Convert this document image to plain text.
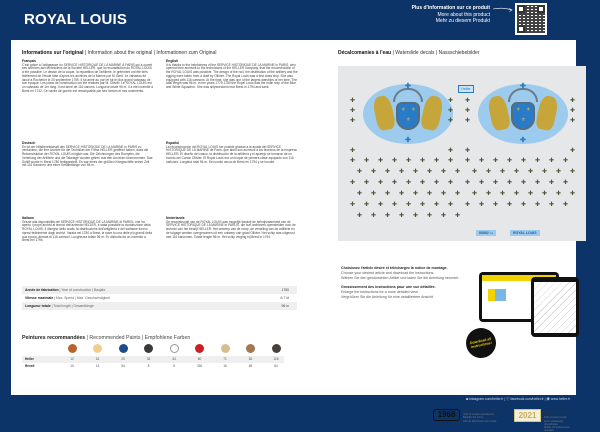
ROYAL LOUIS
Plus d'information sur ce produit
More about this product
Mehr zu diesem Produkt
Informations sur l'original | Information about the original | Informationen zum Original
Français
C'est grâce à l'obligeance du SERVICE HISTORIQUE DE LA MARINE À PARIS qui a ouvert ses archives aux techniciens de la Société HELLER, que la reconstitution du ROYAL LOUIS a été possible. Le dessin de la coque, la répartition de l'artillerie, le gréement ont été tirés fidèlement de l'étude faite d'après les archives de la Marine par M. Berti. Le vaisseau fut lancé à Rochefort le 20 septembre 1759. Il fut armé au port et fut le plus grand vaisseau de son époque. Les plans de construction ont été réalisés par M. Ollivier. Le ROYAL LOUIS est un vaisseau de 1er rang. Il est armé de 116 canons. Longueur totale 96 m. Il a été incendié à Brest en 1742. Ce navire de guerre est remarquable par ses formes et ses ornements.
Deutsch
Es ist der Hilfsbereitschaft des SERVICE HISTORIQUE DE LA MARINE in PARIS zu verdanken, die ihre Archive für die Techniker der Firma HELLER geöffnet haben, dass die Rekonstruktion der ROYAL LOUIS möglich war. Die Zeichnungen des Rumpfes, die Verteilung der Artillerie und die Takelage wurden getreu aus den Archiven übernommen. Das Schiff wurde in Brest 1780 fertiggestellt. Es war eines der größten Kriegsschiffe seiner Zeit mit 116 Kanonen und einer Gesamtlänge von 96 m.
Italiano
Grazie alla disponibilità del SERVICE HISTORIQUE DE LA MARINE di PARIGI, che ha aperto i propri archivi ai tecnici dell'azienda HELLER, è stata possibile la ricostruzione della ROYAL LOUIS. Il disegno dello scafo, la distribuzione dell'artiglieria e del sartiame furono ripresi fedelmente dagli archivi. Varata nel 1780 a Brest, la nave fu una delle più grandi della sua epoca, armata di 116 cannoni. Lunghezza totale 96 m. Fu distrutta da un incendio a Brest nel 1794.
English
It is thanks to the helpfulness of the SERVICE HISTORIQUE DE LA MARINE in PARIS, who opened their archives to the technicians of the HELLER company, that the reconstruction of the ROYAL LOUIS was possible. The design of the hull, the distribution of the artillery and the rigging were taken from a draft by Ollivier. The Royal Louis was a first class ship. She was equipped with 116 cannons. At the time, she was one of the largest warships of her time. The total length was 96 m. In the years 1779-1780 the Royal Louis was the main ship of the Blue and White Squadron. She was shipwrecked near Brest in 1794 and sank.
Español
La reconstrucción del ROYAL LOUIS fue posible gracias a la ayuda del SERVICE HISTORIQUE DE LA MARINE de París, que abrió sus archivos a los técnicos de la empresa HELLER. El diseño del casco, la distribución de la artillería y el aparejo se tomaron de un boceto del Conde Ollivier. El Royal Louis era un buque de primera clase equipado con 116 cañones. Longitud total 96 m. Se hundió cerca de Brest en 1794 y se hundió.
Nederlands
De reconstructie van de ROYAL LOUIS was mogelijk dankzij de behulpzaamheid van de SERVICE HISTORIQUE DE LA MARINE in PARIJS, die hun archieven openstelden voor de technici van het bedrijf HELLER. Het ontwerp van de romp, de verdeling van de artillerie en de tuigage werden overgenomen uit een ontwerp van graaf Ollivier. Het schip was uitgerust met 116 kanonnen. Totale lengte 96 m. Het schip verging bij Brest in 1794.
Année de fabrication | Year of construction | Baujahr	1780
Vitesse maximale | Max. Speed | Max. Geschwindigkeit	6-7 kt
Longueur totale | Total length | Gesamtlänge	96 m
Peintures recommandées | Recommended Paints | Empfohlene Farben
Heller	12	16	20	33	34	60	71	82	116
Revell	10	14	54	8	5	330	16	89	84
Décalcomanies à l'eau | Waterslide decals | Nassschiebebilder
Heller
⚜ ⚜
⚜
✚
✚
⚜ ⚜
⚜
✚
✚
80892 mt	ROYAL LOUIS
✚
✚
✚
✚
✚
✚
✚
✚
✚
✚
✚
✚
✚	✚ ✚	✚
✚	✚
✚	✚
✚	✚
✚	✚
✚	✚
✚	✚
✚	✚
✚	✚
✚	✚
✚	✚
✚	✚
✚	✚
✚	✚
✚	✚
✚	✚
✚	✚
✚	✚
✚	✚
✚	✚
✚	✚
✚	✚
✚	✚
✚	✚
✚	✚
✚	✚
✚	✚
✚	✚
✚	✚
✚	✚
✚	✚
✚	✚
✚	✚
✚	✚
✚	✚
✚	✚
✚	✚
✚	✚
✚	✚
✚	✚
✚	✚
✚ ✚ ✚ ✚ ✚ ✚ ✚ ✚

Choisissez l'article désiré et téléchargez la notice de montage.
Choose your desired article and download the instructions.
Wählen Sie den gewünschten Artikel und laden Sie die Anleitung herunter.

Grossissement des instructions pour une vue détaillée.
Enlarge the instructions for a more detailed view.
Vergrößern Sie die Anleitung für eine detailliertere Ansicht.

Download all instructions!
1968	Année de fabrication du moule
Year of mould manufacture
Baujahr der Form
Año de fabricación del molde
2021	Moule intégralement révisé
Fully revised mould
Form vollständig überarbeitet
Molde completamente revisado
◙ instagram.com/heller.fr | ⓕ facebook.com/heller.fr | ◉ www.heller.fr
